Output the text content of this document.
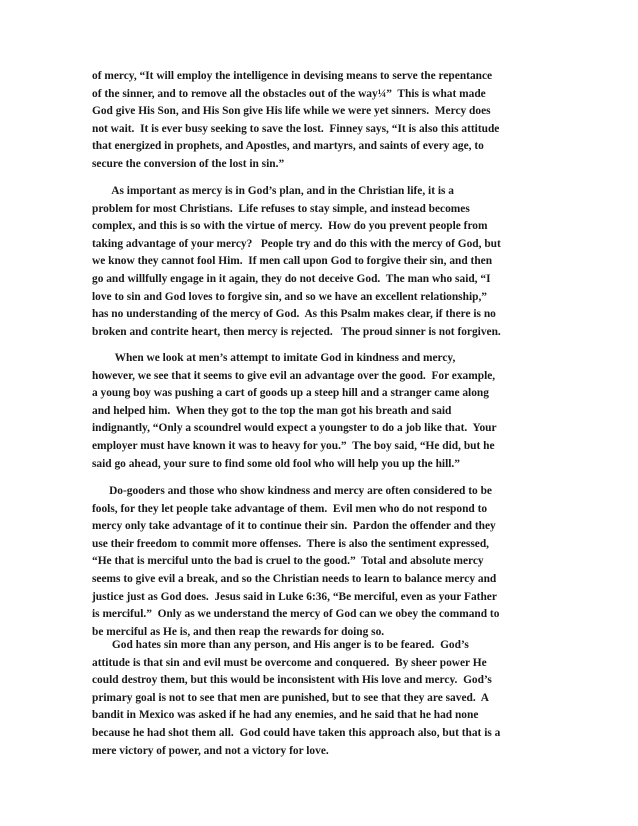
of mercy, “It will employ the intelligence in devising means to serve the repentance
of the sinner, and to remove all the obstacles out of the way¼”  This is what made
God give His Son, and His Son give His life while we were yet sinners.  Mercy does
not wait.  It is ever busy seeking to save the lost.  Finney says, “It is also this attitude
that energized in prophets, and Apostles, and martyrs, and saints of every age, to
secure the conversion of the lost in sin.”
As important as mercy is in God’s plan, and in the Christian life, it is a
problem for most Christians.  Life refuses to stay simple, and instead becomes
complex, and this is so with the virtue of mercy.  How do you prevent people from
taking advantage of your mercy?   People try and do this with the mercy of God, but
we know they cannot fool Him.  If men call upon God to forgive their sin, and then
go and willfully engage in it again, they do not deceive God.  The man who said, “I
love to sin and God loves to forgive sin, and so we have an excellent relationship,”
has no understanding of the mercy of God.  As this Psalm makes clear, if there is no
broken and contrite heart, then mercy is rejected.   The proud sinner is not forgiven.
When we look at men’s attempt to imitate God in kindness and mercy,
however, we see that it seems to give evil an advantage over the good.  For example,
a young boy was pushing a cart of goods up a steep hill and a stranger came along
and helped him.  When they got to the top the man got his breath and said
indignantly, “Only a scoundrel would expect a youngster to do a job like that.  Your
employer must have known it was to heavy for you.”  The boy said, “He did, but he
said go ahead, your sure to find some old fool who will help you up the hill.”
Do-gooders and those who show kindness and mercy are often considered to be
fools, for they let people take advantage of them.  Evil men who do not respond to
mercy only take advantage of it to continue their sin.  Pardon the offender and they
use their freedom to commit more offenses.  There is also the sentiment expressed,
“He that is merciful unto the bad is cruel to the good.”  Total and absolute mercy
seems to give evil a break, and so the Christian needs to learn to balance mercy and
justice just as God does.  Jesus said in Luke 6:36, “Be merciful, even as your Father
is merciful.”  Only as we understand the mercy of God can we obey the command to
be merciful as He is, and then reap the rewards for doing so.
God hates sin more than any person, and His anger is to be feared.  God’s
attitude is that sin and evil must be overcome and conquered.  By sheer power He
could destroy them, but this would be inconsistent with His love and mercy.  God’s
primary goal is not to see that men are punished, but to see that they are saved.  A
bandit in Mexico was asked if he had any enemies, and he said that he had none
because he had shot them all.  God could have taken this approach also, but that is a
mere victory of power, and not a victory for love.
